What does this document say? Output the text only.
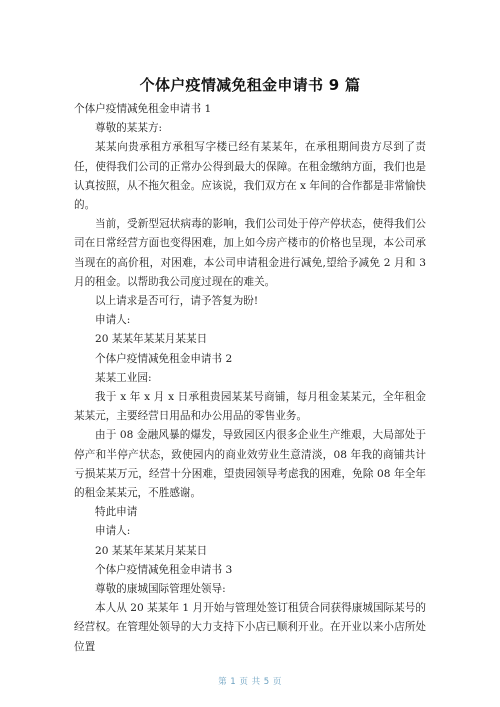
个体户疫情减免租金申请书 9 篇

个体户疫情减免租金申请书 1

尊敬的某某方:

某某向贵承租方承租写字楼已经有某某年，在承租期间贵方尽到了责任，使得我们公司的正常办公得到最大的保障。在租金缴纳方面，我们也是认真按照，从不拖欠租金。应该说，我们双方在 x 年间的合作都是非常愉快的。

当前，受新型冠状病毒的影响，我们公司处于停产停状态，使得我们公司在日常经营方面也变得困难，加上如今房产楼市的价格也呈现，本公司承当现在的高价租，对困难，本公司申请租金进行减免,望给予减免 2 月和 3 月的租金。以帮助我公司度过现在的难关。

以上请求是否可行，请予答复为盼!

申请人:

20 某某年某某月某某日

个体户疫情减免租金申请书 2

某某工业园:

我于 x 年 x 月 x 日承租贵园某某号商铺，每月租金某某元，全年租金某某元，主要经营日用品和办公用品的零售业务。

由于 08 金融风暴的爆发，导致园区内很多企业生产维艰，大局部处于停产和半停产状态，致使园内的商业效劳业生意清淡，08 年我的商铺共计亏损某某万元，经营十分困难，望贵园领导考虑我的困难，免除 08 年全年的租金某某元，不胜感谢。

特此申请

申请人:

20 某某年某某月某某日

个体户疫情减免租金申请书 3

尊敬的康城国际管理处领导:

本人从 20 某某年 1 月开始与管理处签订租赁合同获得康城国际某号的经营权。在管理处领导的大力支持下小店已顺利开业。在开业以来小店所处位置

第 1 页 共 5 页
